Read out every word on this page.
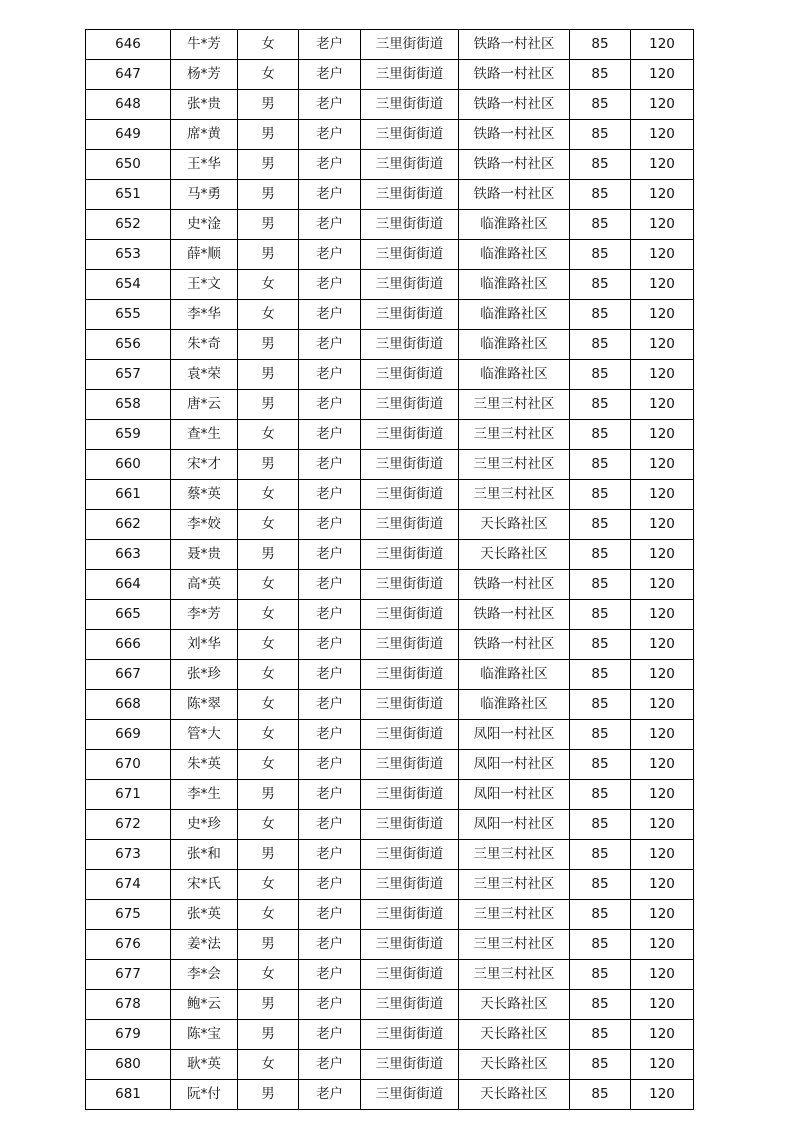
646	牛*芳	女	老户	三里街街道	铁路一村社区	85	120
647	杨*芳	女	老户	三里街街道	铁路一村社区	85	120
648	张*贵	男	老户	三里街街道	铁路一村社区	85	120
649	席*黄	男	老户	三里街街道	铁路一村社区	85	120
650	王*华	男	老户	三里街街道	铁路一村社区	85	120
651	马*勇	男	老户	三里街街道	铁路一村社区	85	120
652	史*淦	男	老户	三里街街道	临淮路社区	85	120
653	薛*顺	男	老户	三里街街道	临淮路社区	85	120
654	王*文	女	老户	三里街街道	临淮路社区	85	120
655	李*华	女	老户	三里街街道	临淮路社区	85	120
656	朱*奇	男	老户	三里街街道	临淮路社区	85	120
657	袁*荣	男	老户	三里街街道	临淮路社区	85	120
658	唐*云	男	老户	三里街街道	三里三村社区	85	120
659	查*生	女	老户	三里街街道	三里三村社区	85	120
660	宋*才	男	老户	三里街街道	三里三村社区	85	120
661	蔡*英	女	老户	三里街街道	三里三村社区	85	120
662	李*姣	女	老户	三里街街道	天长路社区	85	120
663	聂*贵	男	老户	三里街街道	天长路社区	85	120
664	高*英	女	老户	三里街街道	铁路一村社区	85	120
665	李*芳	女	老户	三里街街道	铁路一村社区	85	120
666	刘*华	女	老户	三里街街道	铁路一村社区	85	120
667	张*珍	女	老户	三里街街道	临淮路社区	85	120
668	陈*翠	女	老户	三里街街道	临淮路社区	85	120
669	管*大	女	老户	三里街街道	凤阳一村社区	85	120
670	朱*英	女	老户	三里街街道	凤阳一村社区	85	120
671	李*生	男	老户	三里街街道	凤阳一村社区	85	120
672	史*珍	女	老户	三里街街道	凤阳一村社区	85	120
673	张*和	男	老户	三里街街道	三里三村社区	85	120
674	宋*氏	女	老户	三里街街道	三里三村社区	85	120
675	张*英	女	老户	三里街街道	三里三村社区	85	120
676	姜*法	男	老户	三里街街道	三里三村社区	85	120
677	李*会	女	老户	三里街街道	三里三村社区	85	120
678	鲍*云	男	老户	三里街街道	天长路社区	85	120
679	陈*宝	男	老户	三里街街道	天长路社区	85	120
680	耿*英	女	老户	三里街街道	天长路社区	85	120
681	阮*付	男	老户	三里街街道	天长路社区	85	120
